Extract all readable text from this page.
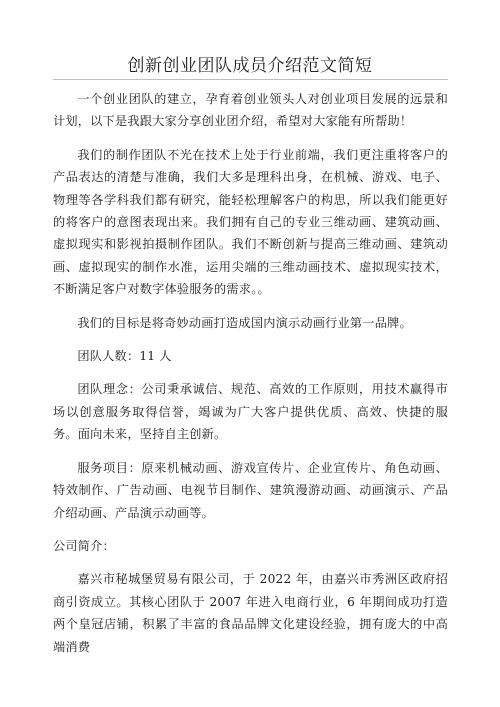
创新创业团队成员介绍范文简短

一个创业团队的建立，孕育着创业领头人对创业项目发展的远景和计划，以下是我跟大家分享创业团介绍，希望对大家能有所帮助！

我们的制作团队不光在技术上处于行业前端，我们更注重将客户的产品表达的清楚与准确，我们大多是理科出身，在机械、游戏、电子、物理等各学科我们都有研究，能轻松理解客户的构思，所以我们能更好的将客户的意图表现出来。我们拥有自己的专业三维动画、建筑动画、虚拟现实和影视拍摄制作团队。我们不断创新与提高三维动画、建筑动画、虚拟现实的制作水准，运用尖端的三维动画技术、虚拟现实技术，不断满足客户对数字体验服务的需求。。

我们的目标是将奇妙动画打造成国内演示动画行业第一品牌。

团队人数：11 人

团队理念：公司秉承诚信、规范、高效的工作原则，用技术赢得市场以创意服务取得信誉，竭诚为广大客户提供优质、高效、快捷的服务。面向未来，坚持自主创新。

服务项目：原来机械动画、游戏宣传片、企业宣传片、角色动画、特效制作、广告动画、电视节目制作、建筑漫游动画、动画演示、产品介绍动画、产品演示动画等。

公司简介：

嘉兴市秘城堡贸易有限公司，于 2022 年，由嘉兴市秀洲区政府招商引资成立。其核心团队于 2007 年进入电商行业，6 年期间成功打造两个皇冠店铺，积累了丰富的食品品牌文化建设经验，拥有庞大的中高端消费
